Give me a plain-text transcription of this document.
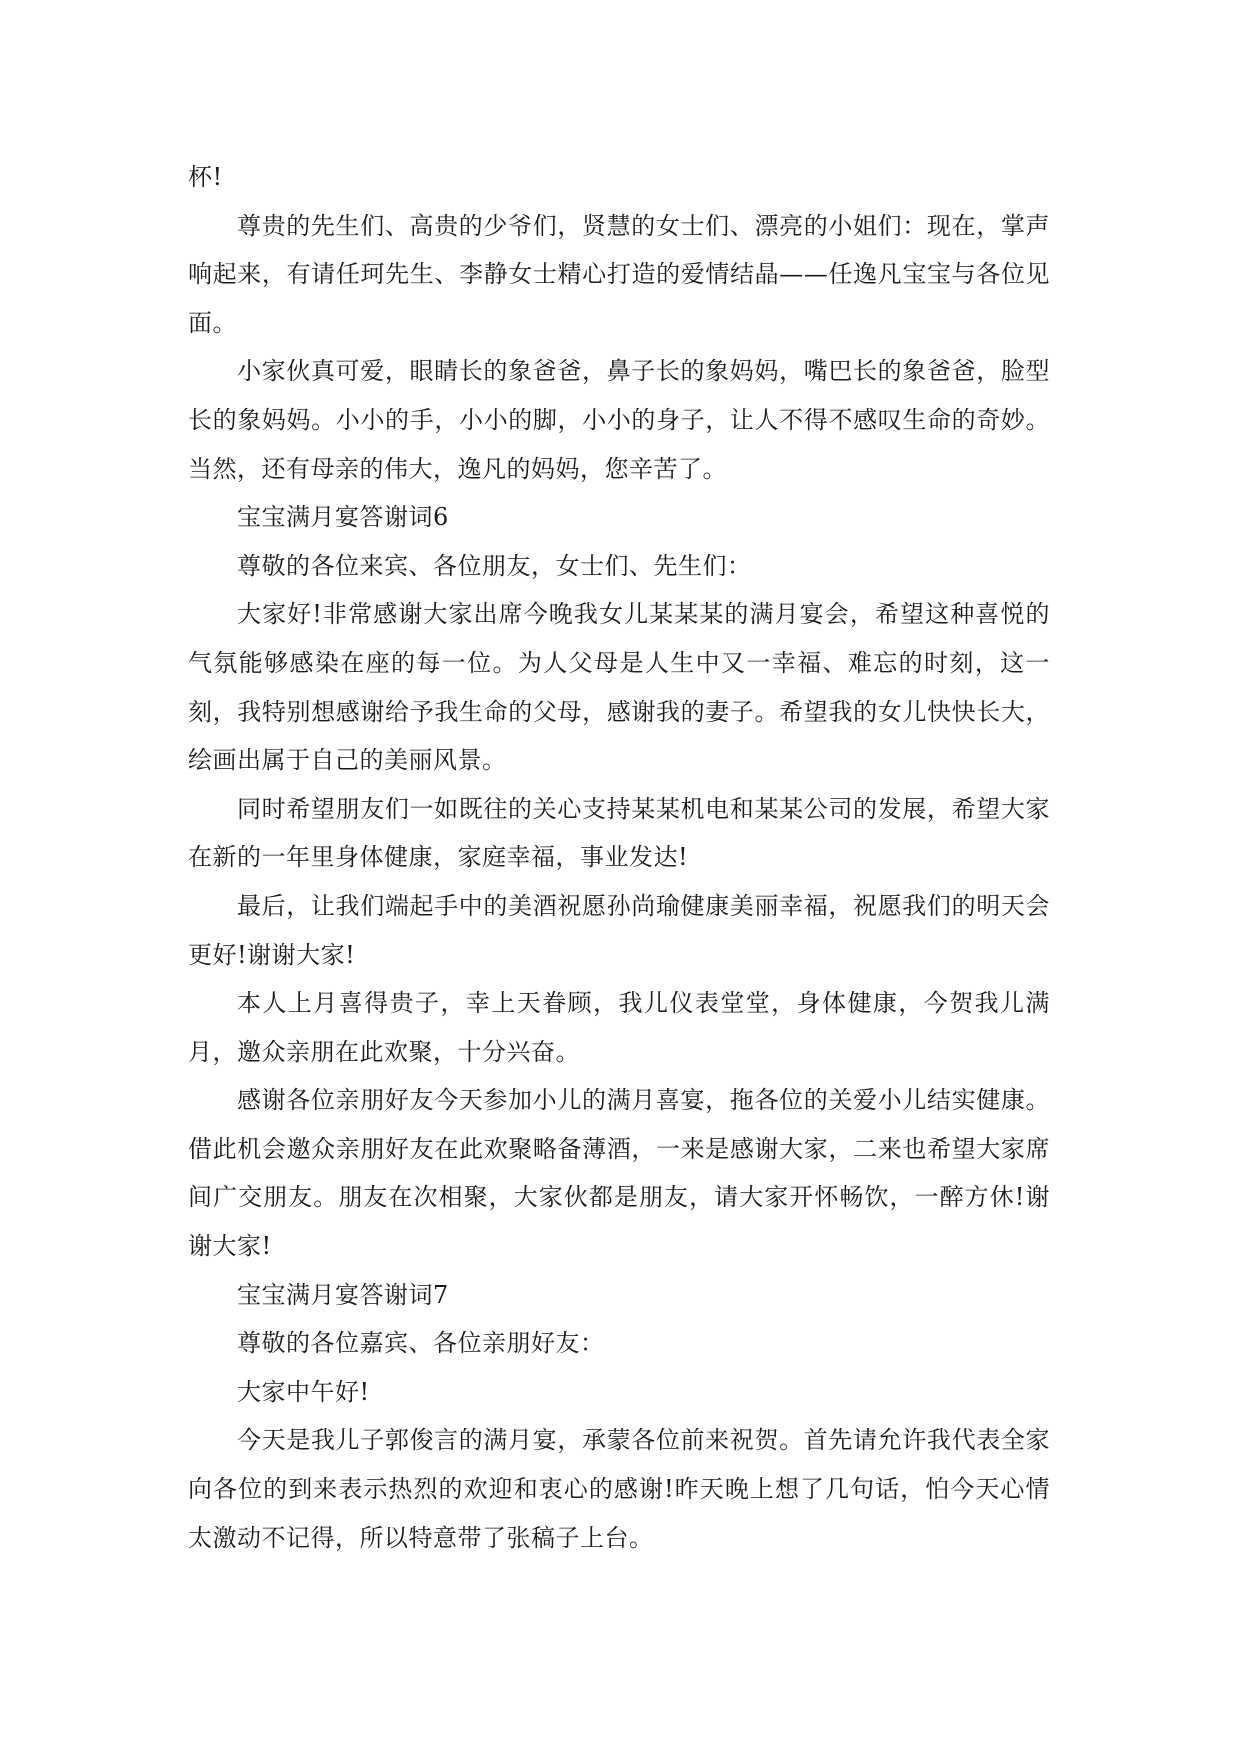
杯!

尊贵的先生们、高贵的少爷们，贤慧的女士们、漂亮的小姐们：现在，掌声响起来，有请任珂先生、李静女士精心打造的爱情结晶——任逸凡宝宝与各位见面。

小家伙真可爱，眼睛长的象爸爸，鼻子长的象妈妈，嘴巴长的象爸爸，脸型长的象妈妈。小小的手，小小的脚，小小的身子，让人不得不感叹生命的奇妙。当然，还有母亲的伟大，逸凡的妈妈，您辛苦了。

宝宝满月宴答谢词6

尊敬的各位来宾、各位朋友，女士们、先生们：

大家好!非常感谢大家出席今晚我女儿某某某的满月宴会，希望这种喜悦的气氛能够感染在座的每一位。为人父母是人生中又一幸福、难忘的时刻，这一刻，我特别想感谢给予我生命的父母，感谢我的妻子。希望我的女儿快快长大，绘画出属于自己的美丽风景。

同时希望朋友们一如既往的关心支持某某机电和某某公司的发展，希望大家在新的一年里身体健康，家庭幸福，事业发达!

最后，让我们端起手中的美酒祝愿孙尚瑜健康美丽幸福，祝愿我们的明天会更好!谢谢大家!

本人上月喜得贵子，幸上天眷顾，我儿仪表堂堂，身体健康，今贺我儿满月，邀众亲朋在此欢聚，十分兴奋。

感谢各位亲朋好友今天参加小儿的满月喜宴，拖各位的关爱小儿结实健康。借此机会邀众亲朋好友在此欢聚略备薄酒，一来是感谢大家，二来也希望大家席间广交朋友。朋友在次相聚，大家伙都是朋友，请大家开怀畅饮，一醉方休!谢谢大家!

宝宝满月宴答谢词7

尊敬的各位嘉宾、各位亲朋好友：

大家中午好!

今天是我儿子郭俊言的满月宴，承蒙各位前来祝贺。首先请允许我代表全家向各位的到来表示热烈的欢迎和衷心的感谢!昨天晚上想了几句话，怕今天心情太激动不记得，所以特意带了张稿子上台。
